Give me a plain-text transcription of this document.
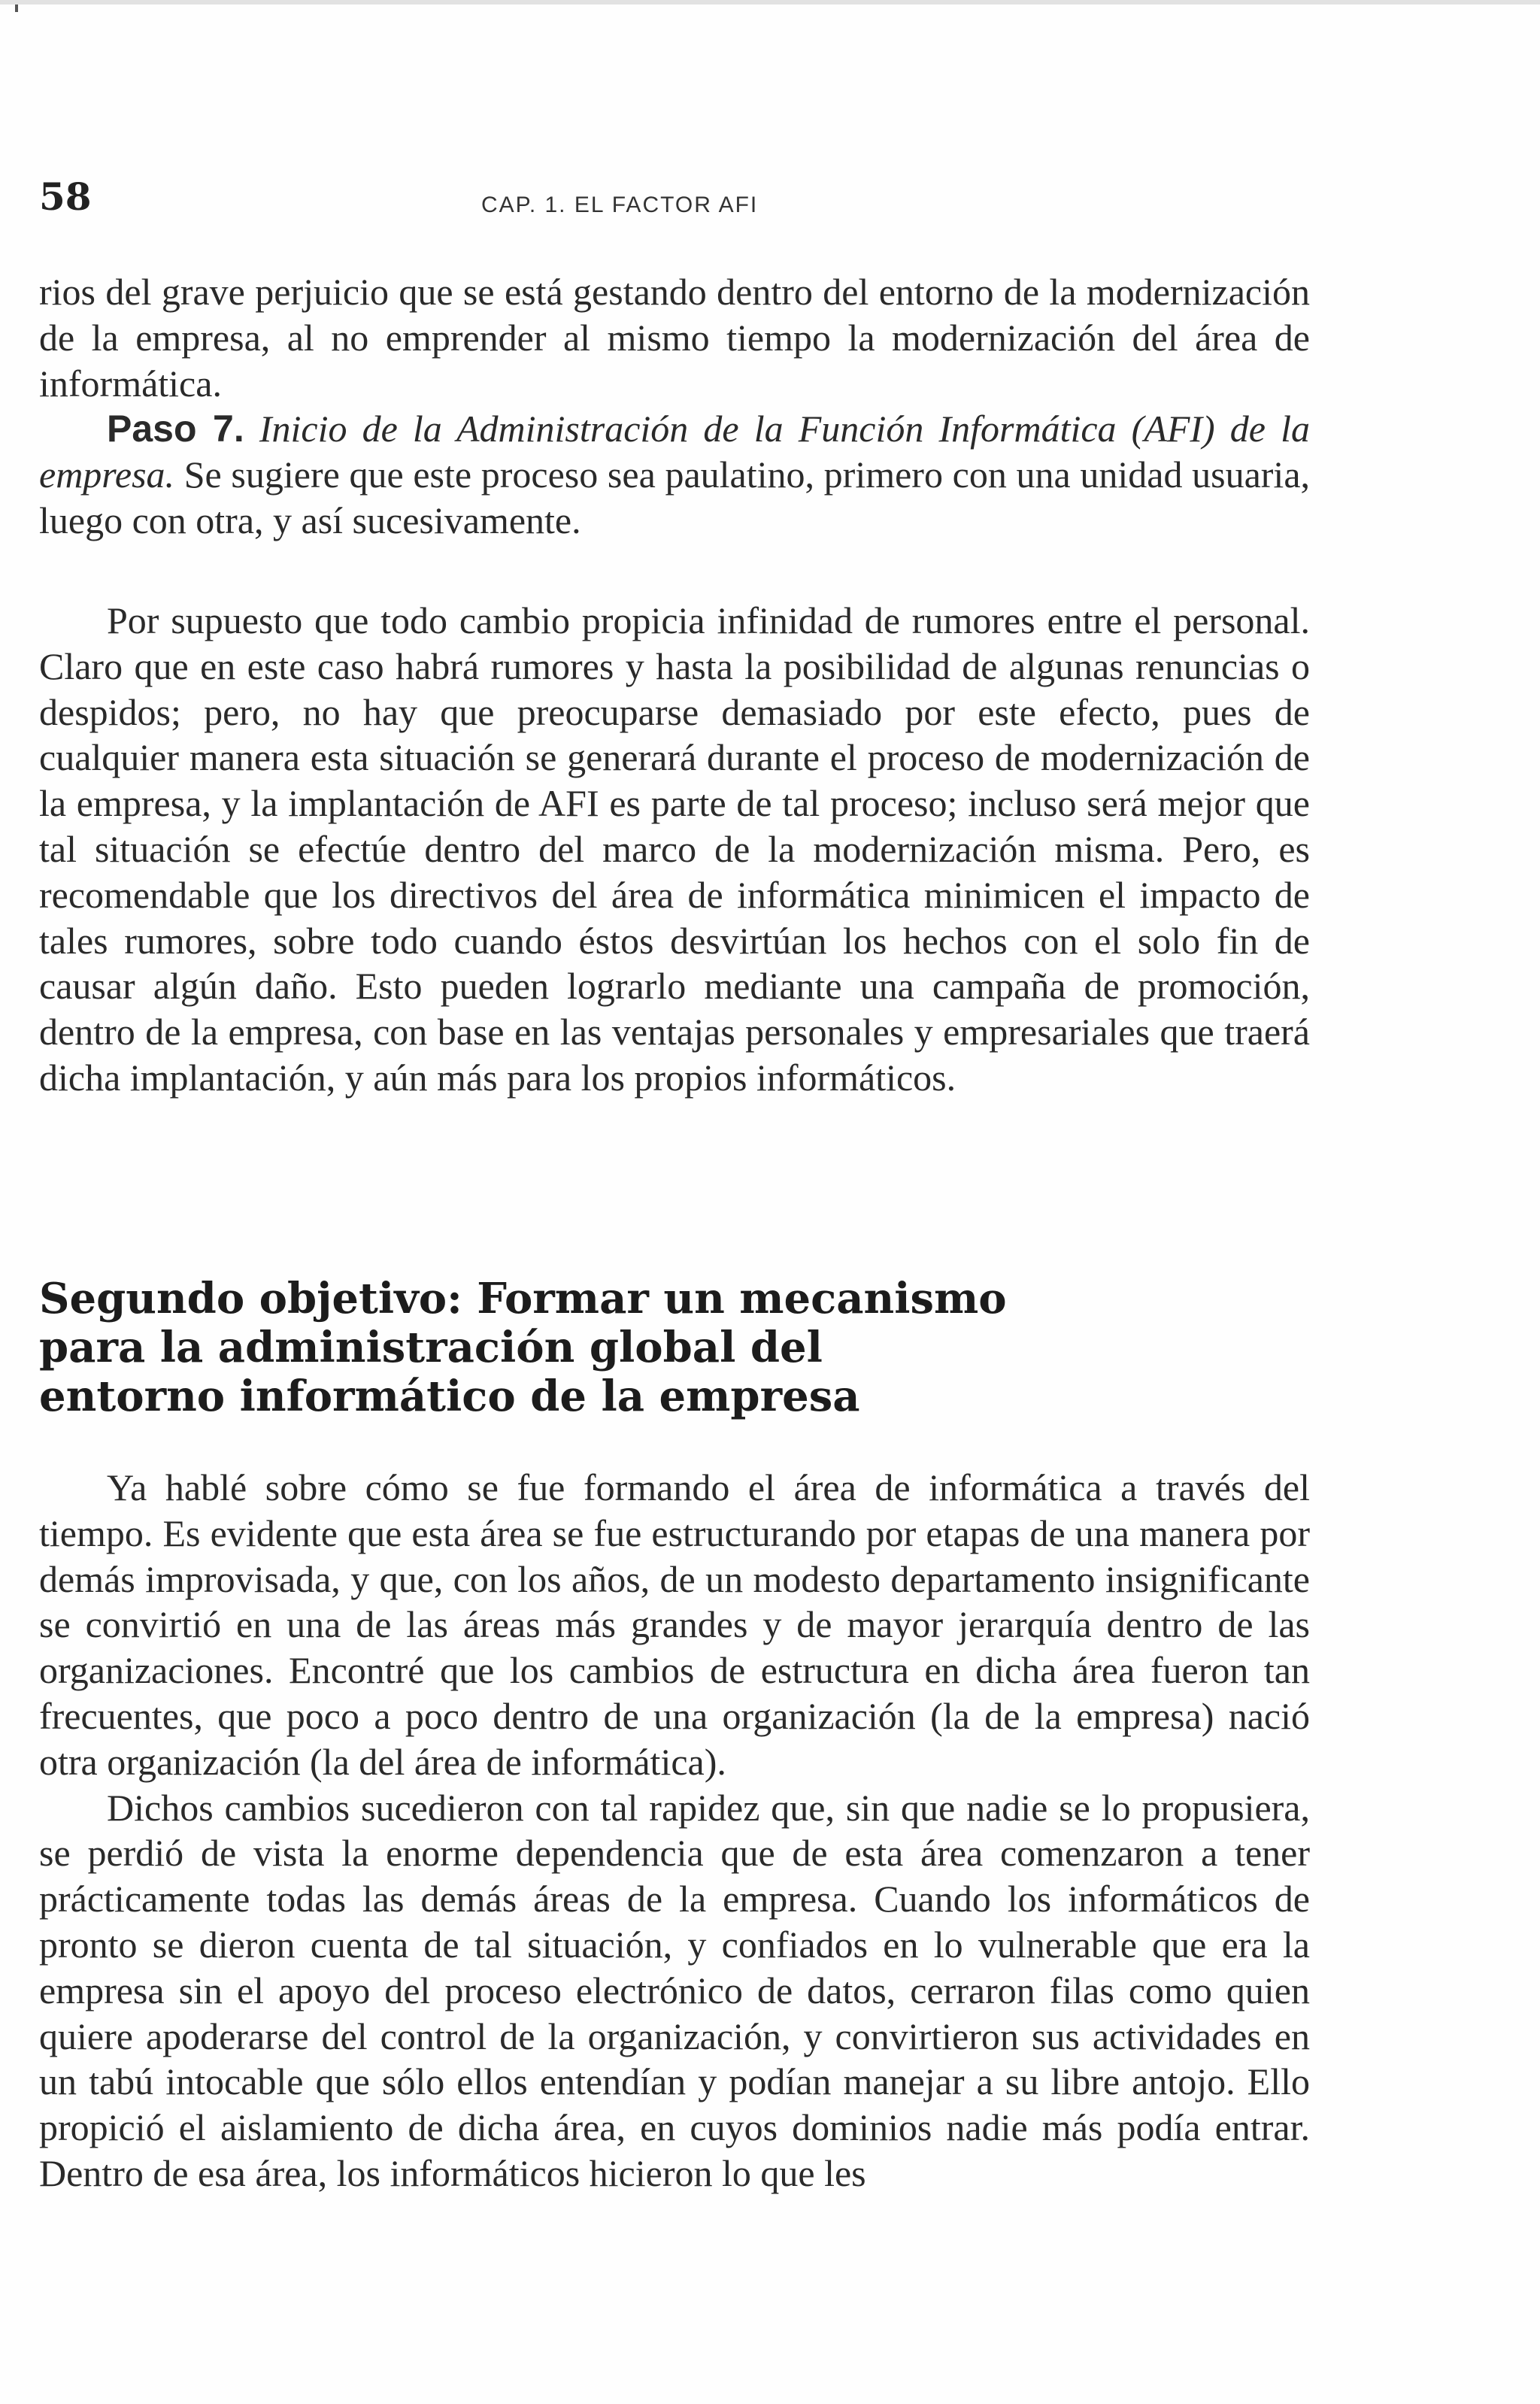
58	CAP. 1. EL FACTOR AFI

rios del grave perjuicio que se está gestando dentro del entorno de la modernización de la empresa, al no emprender al mismo tiempo la modernización del área de informática.

Paso 7. Inicio de la Administración de la Función Informática (AFI) de la empresa. Se sugiere que este proceso sea paulatino, primero con una unidad usuaria, luego con otra, y así sucesivamente.

Por supuesto que todo cambio propicia infinidad de rumores entre el personal. Claro que en este caso habrá rumores y hasta la posibilidad de algunas renuncias o despidos; pero, no hay que preocuparse demasiado por este efecto, pues de cualquier manera esta situación se generará durante el proceso de modernización de la empresa, y la implantación de AFI es parte de tal proceso; incluso será mejor que tal situación se efectúe dentro del marco de la modernización misma. Pero, es recomendable que los directivos del área de informática minimicen el impacto de tales rumores, sobre todo cuando éstos desvirtúan los hechos con el solo fin de causar algún daño. Esto pueden lograrlo mediante una campaña de promoción, dentro de la empresa, con base en las ventajas personales y empresariales que traerá dicha implantación, y aún más para los propios informáticos.

Segundo objetivo: Formar un mecanismo

para la administración global del

entorno informático de la empresa

Ya hablé sobre cómo se fue formando el área de informática a través del tiempo. Es evidente que esta área se fue estructurando por etapas de una manera por demás improvisada, y que, con los años, de un modesto departamento insignificante se convirtió en una de las áreas más grandes y de mayor jerarquía dentro de las organizaciones. Encontré que los cambios de estructura en dicha área fueron tan frecuentes, que poco a poco dentro de una organización (la de la empresa) nació otra organización (la del área de informática).

Dichos cambios sucedieron con tal rapidez que, sin que nadie se lo propusiera, se perdió de vista la enorme dependencia que de esta área comenzaron a tener prácticamente todas las demás áreas de la empresa. Cuando los informáticos de pronto se dieron cuenta de tal situación, y confiados en lo vulnerable que era la empresa sin el apoyo del proceso electrónico de datos, cerraron filas como quien quiere apoderarse del control de la organización, y convirtieron sus actividades en un tabú intocable que sólo ellos entendían y podían manejar a su libre antojo. Ello propició el aislamiento de dicha área, en cuyos dominios nadie más podía entrar. Dentro de esa área, los informáticos hicieron lo que les
